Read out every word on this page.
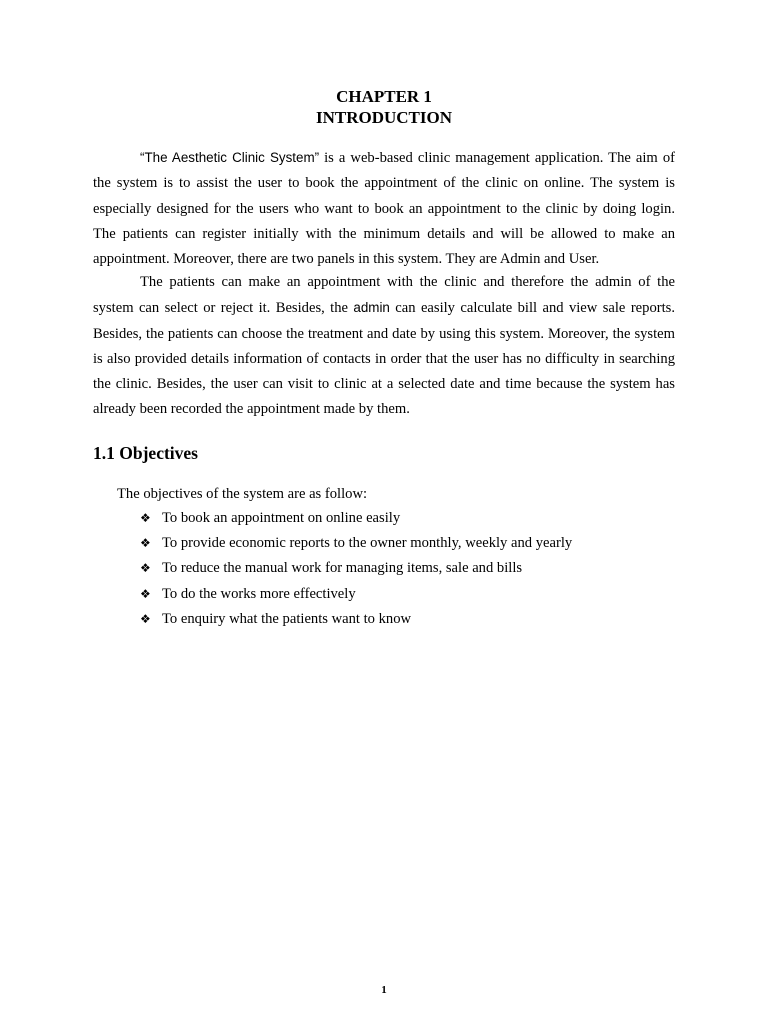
CHAPTER 1
INTRODUCTION

“The Aesthetic Clinic System” is a web-based clinic management application. The aim of the system is to assist the user to book the appointment of the clinic on online. The system is especially designed for the users who want to book an appointment to the clinic by doing login. The patients can register initially with the minimum details and will be allowed to make an appointment. Moreover, there are two panels in this system. They are Admin and User.

The patients can make an appointment with the clinic and therefore the admin of the system can select or reject it. Besides, the admin can easily calculate bill and view sale reports. Besides, the patients can choose the treatment and date by using this system. Moreover, the system is also provided details information of contacts in order that the user has no difficulty in searching the clinic. Besides, the user can visit to clinic at a selected date and time because the system has already been recorded the appointment made by them.

1.1 Objectives

The objectives of the system are as follow:

❖ To book an appointment on online easily
❖ To provide economic reports to the owner monthly, weekly and yearly
❖ To reduce the manual work for managing items, sale and bills
❖ To do the works more effectively
❖ To enquiry what the patients want to know
1
